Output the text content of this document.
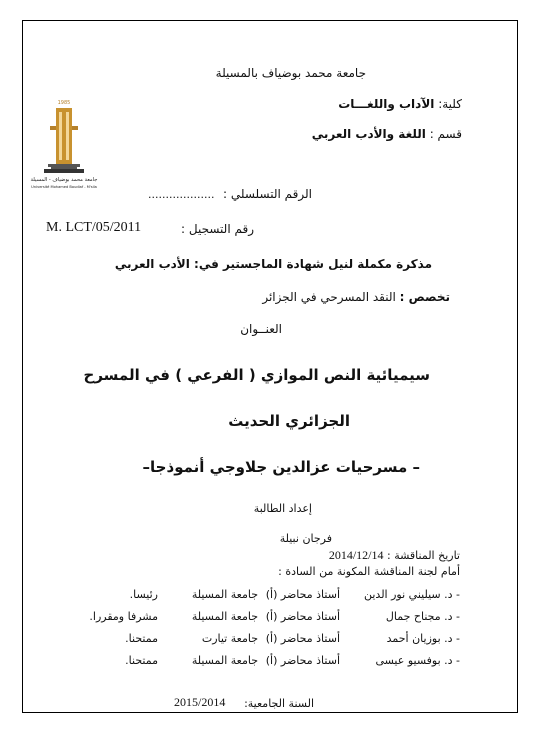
1985
جامعة محمد بوضياف - المسيلة
Université Mohamed Boudiaf - M'sila
جامعة محمد بوضياف بالمسيلة
كلية: الآداب واللغـــات
قسم : اللغة والأدب العربي
الرقم التسلسلي :
...................
رقم التسجيل :
M. LCT/05/2011
مذكرة مكملة لنيل شهادة الماجستير في: الأدب العربي
تخصص : النقد المسرحي في الجزائر
العنــوان
سيميائية النص الموازي ( الفرعي ) في المسرح
الجزائري الحديث
– مسرحيات عزالدين جلاوجي أنموذجا–
إعداد الطالبة
فرجان نبيلة
تاريخ المناقشة : 2014/12/14
أمام لجنة المناقشة المكونة من السادة :
- د. سيليني نور الدين
أستاذ محاضر (أ)
جامعة المسيلة
رئيسا.
- د. مجناح جمال
أستاذ محاضر (أ)
جامعة المسيلة
مشرفا ومقررا.
- د. بوزيان أحمد
أستاذ محاضر (أ)
جامعة تيارت
ممتحنا.
- د. بوفسيو عيسى
أستاذ محاضر (أ)
جامعة المسيلة
ممتحنا.
السنة الجامعية:
2015/2014
